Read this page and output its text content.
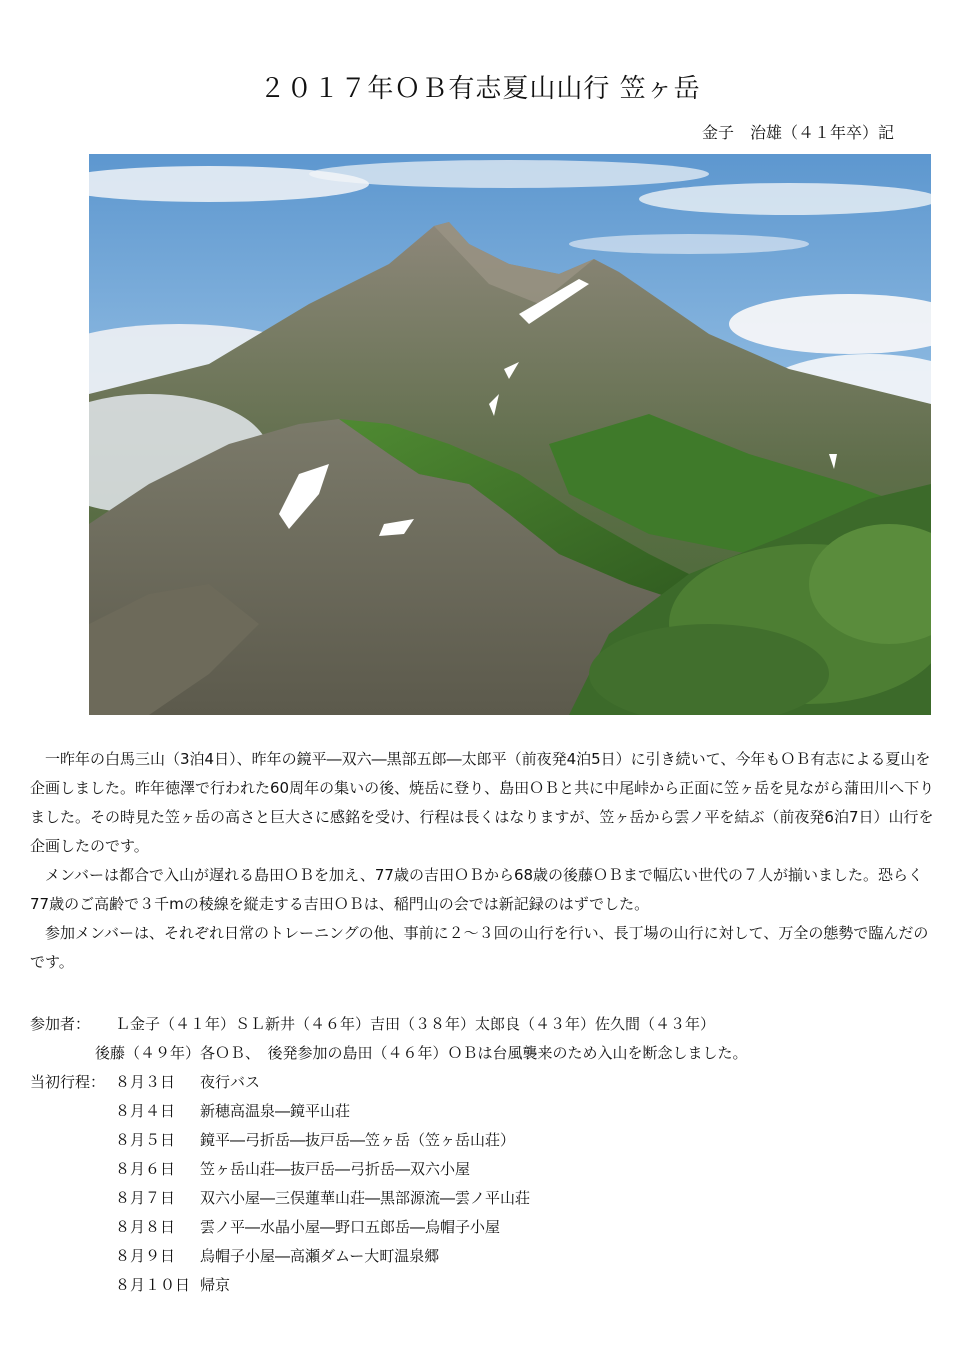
２０１７年ＯＢ有志夏山山行 笠ヶ岳
金子　治雄（４１年卒）記

一昨年の白馬三山（3泊4日）、昨年の鏡平―双六―黒部五郎―太郎平（前夜発4泊5日）に引き続いて、今年もＯＢ有志による夏山を企画しました。昨年徳澤で行われた60周年の集いの後、焼岳に登り、島田ＯＢと共に中尾峠から正面に笠ヶ岳を見ながら蒲田川へ下りました。その時見た笠ヶ岳の高さと巨大さに感銘を受け、行程は長くはなりますが、笠ヶ岳から雲ノ平を結ぶ（前夜発6泊7日）山行を企画したのです。

メンバーは都合で入山が遅れる島田ＯＢを加え、77歳の吉田ＯＢから68歳の後藤ＯＢまで幅広い世代の７人が揃いました。恐らく77歳のご高齢で３千mの稜線を縦走する吉田ＯＢは、稲門山の会では新記録のはずでした。

参加メンバーは、それぞれ日常のトレーニングの他、事前に２～３回の山行を行い、長丁場の山行に対して、万全の態勢で臨んだのです。

参加者：	Ｌ金子（４１年）ＳＬ新井（４６年）吉田（３８年）太郎良（４３年）佐久間（４３年）
後藤（４９年）各ＯＢ、　後発参加の島田（４６年）ＯＢは台風襲来のため入山を断念しました。
当初行程： ８月３日	夜行バス
８月４日	新穂高温泉―鏡平山荘
８月５日	鏡平―弓折岳―抜戸岳―笠ヶ岳（笠ヶ岳山荘）
８月６日	笠ヶ岳山荘―抜戸岳―弓折岳―双六小屋
８月７日	双六小屋―三俣蓮華山荘―黒部源流―雲ノ平山荘
８月８日	雲ノ平―水晶小屋―野口五郎岳―烏帽子小屋
８月９日	烏帽子小屋―高瀬ダムー大町温泉郷
８月１０日 帰京
